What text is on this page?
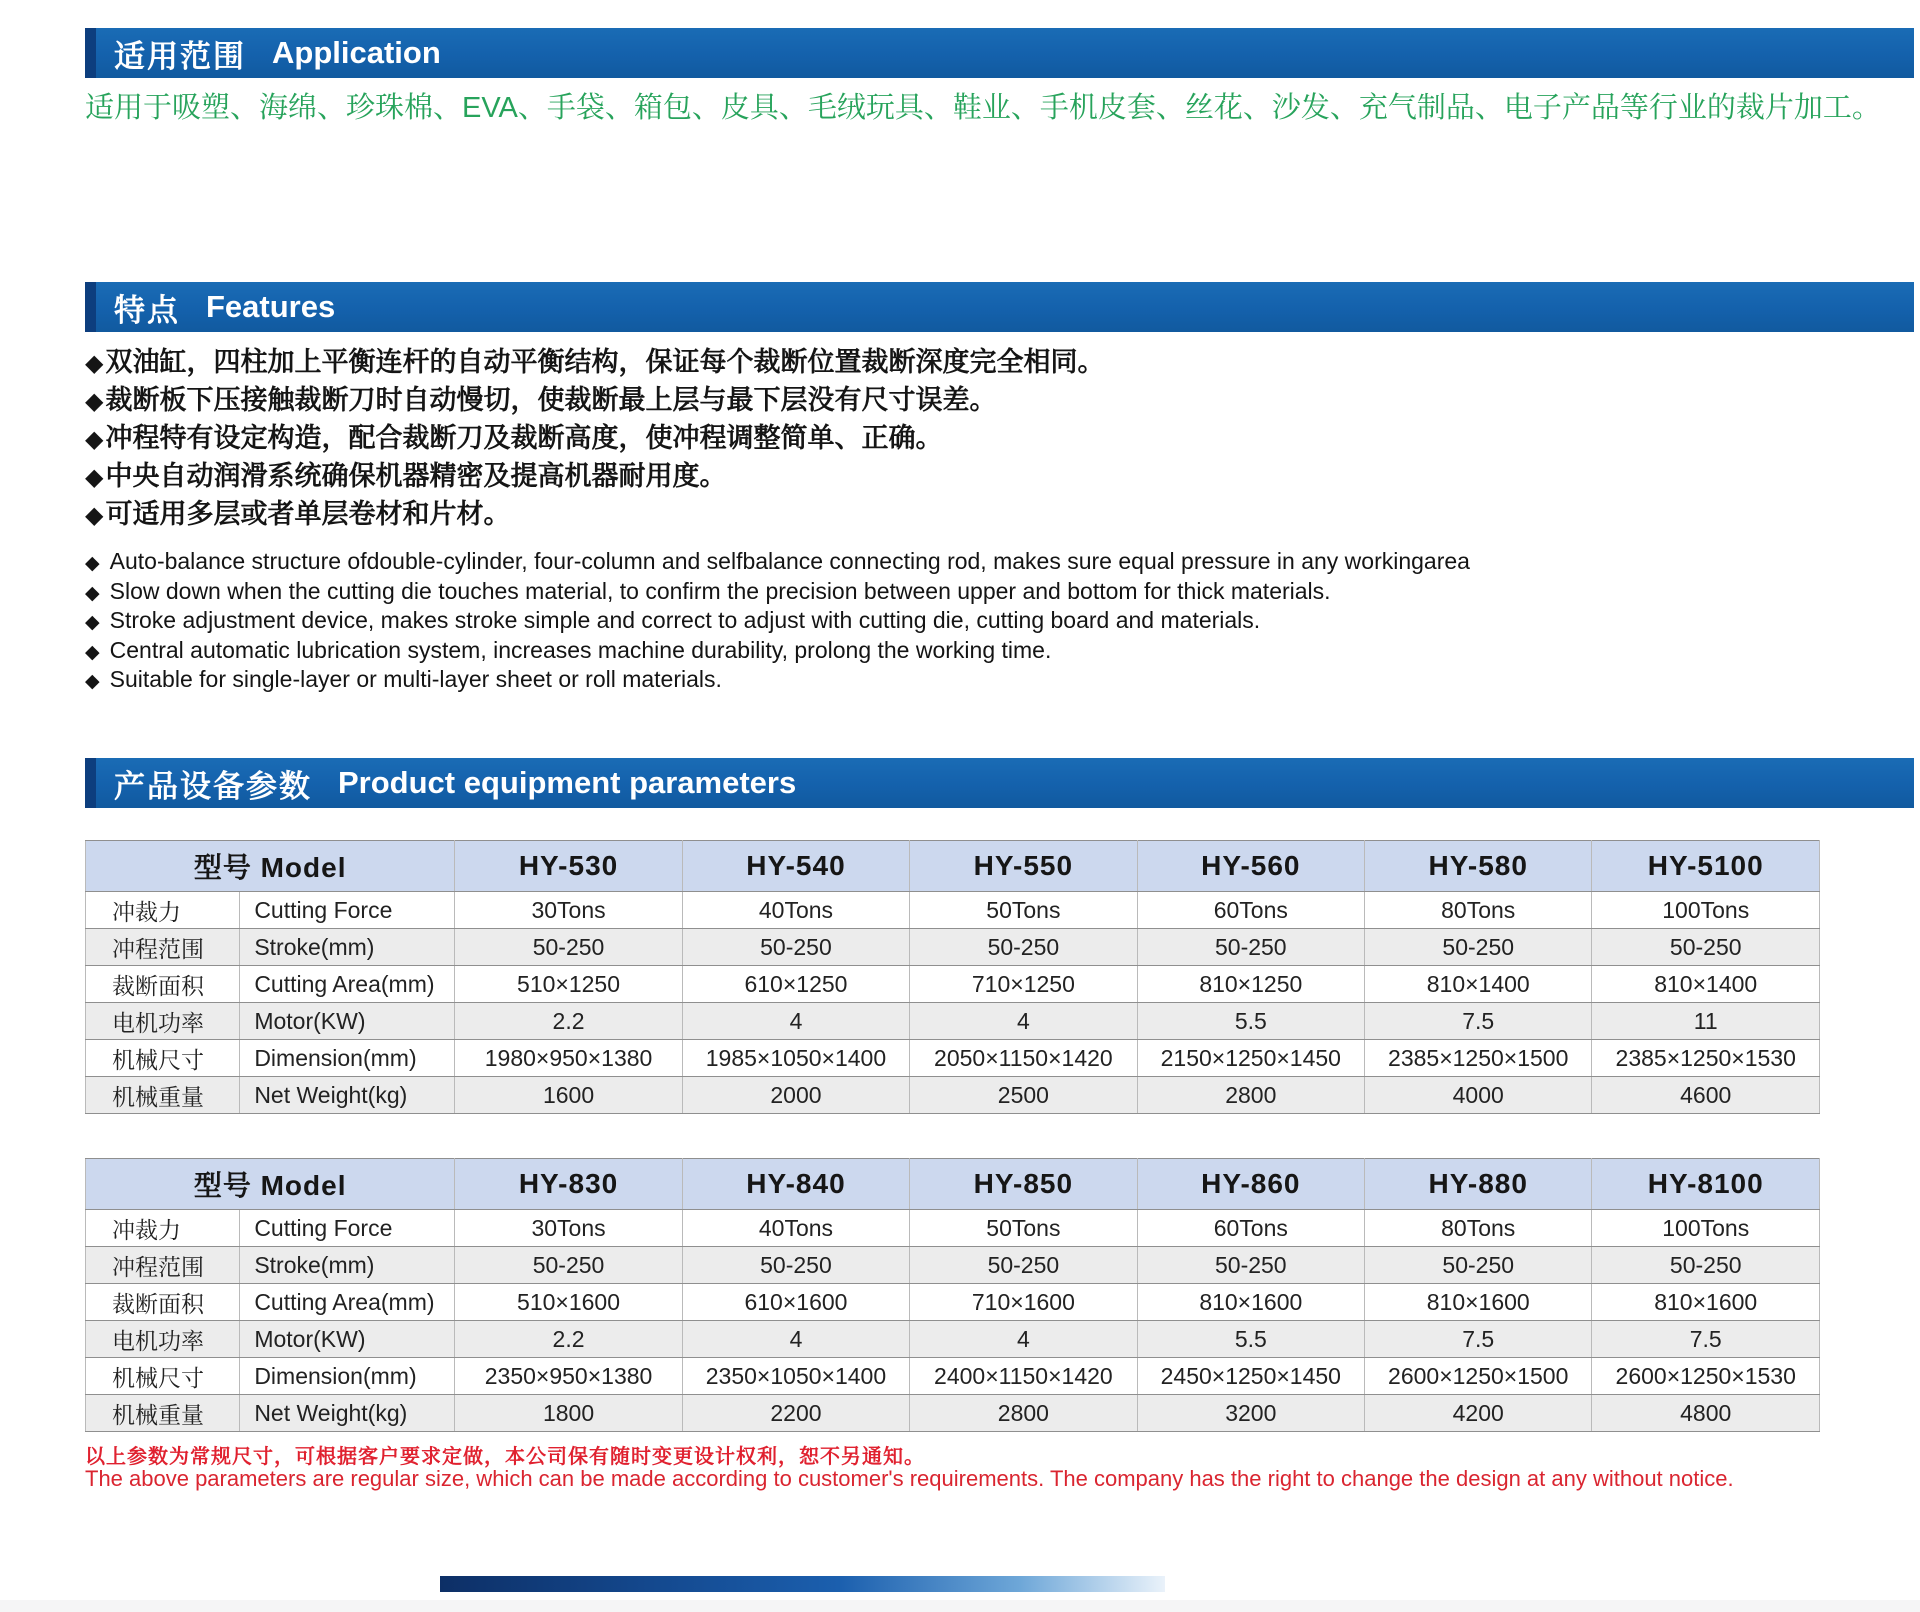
适用范围 Application

适用于吸塑、海绵、珍珠棉、EVA、手袋、箱包、皮具、毛绒玩具、鞋业、手机皮套、丝花、沙发、充气制品、电子产品等行业的裁片加工。

特点 Features
◆ 双油缸，四柱加上平衡连杆的自动平衡结构，保证每个裁断位置裁断深度完全相同。
◆ 裁断板下压接触裁断刀时自动慢切，使裁断最上层与最下层没有尺寸误差。
◆ 冲程特有设定构造，配合裁断刀及裁断高度，使冲程调整简单、正确。
◆ 中央自动润滑系统确保机器精密及提高机器耐用度。
◆ 可适用多层或者单层卷材和片材。
◆ Auto-balance structure ofdouble-cylinder, four-column and selfbalance connecting rod, makes sure equal pressure in any workingarea
◆ Slow down when the cutting die touches material, to confirm the precision between upper and bottom for thick materials.
◆ Stroke adjustment device, makes stroke simple and correct to adjust with cutting die, cutting board and materials.
◆ Central automatic lubrication system, increases machine durability, prolong the working time.
◆ Suitable for single-layer or multi-layer sheet or roll materials.
产品设备参数 Product equipment parameters
型号 Model		HY-530	HY-540	HY-550	HY-560	HY-580	HY-5100
冲裁力	Cutting Force	30Tons	40Tons	50Tons	60Tons	80Tons	100Tons
冲程范围	Stroke(mm)	50-250	50-250	50-250	50-250	50-250	50-250
裁断面积	Cutting Area(mm)	510×1250	610×1250	710×1250	810×1250	810×1400	810×1400
电机功率	Motor(KW)	2.2	4	4	5.5	7.5	11
机械尺寸	Dimension(mm)	1980×950×1380	1985×1050×1400	2050×1150×1420	2150×1250×1450	2385×1250×1500	2385×1250×1530
机械重量	Net Weight(kg)	1600	2000	2500	2800	4000	4600
型号 Model		HY-830	HY-840	HY-850	HY-860	HY-880	HY-8100
冲裁力	Cutting Force	30Tons	40Tons	50Tons	60Tons	80Tons	100Tons
冲程范围	Stroke(mm)	50-250	50-250	50-250	50-250	50-250	50-250
裁断面积	Cutting Area(mm)	510×1600	610×1600	710×1600	810×1600	810×1600	810×1600
电机功率	Motor(KW)	2.2	4	4	5.5	7.5	7.5
机械尺寸	Dimension(mm)	2350×950×1380	2350×1050×1400	2400×1150×1420	2450×1250×1450	2600×1250×1500	2600×1250×1530
机械重量	Net Weight(kg)	1800	2200	2800	3200	4200	4800

以上参数为常规尺寸，可根据客户要求定做，本公司保有随时变更设计权利，恕不另通知。

The above parameters are regular size, which can be made according to customer's requirements. The company has the right to change the design at any without notice.
